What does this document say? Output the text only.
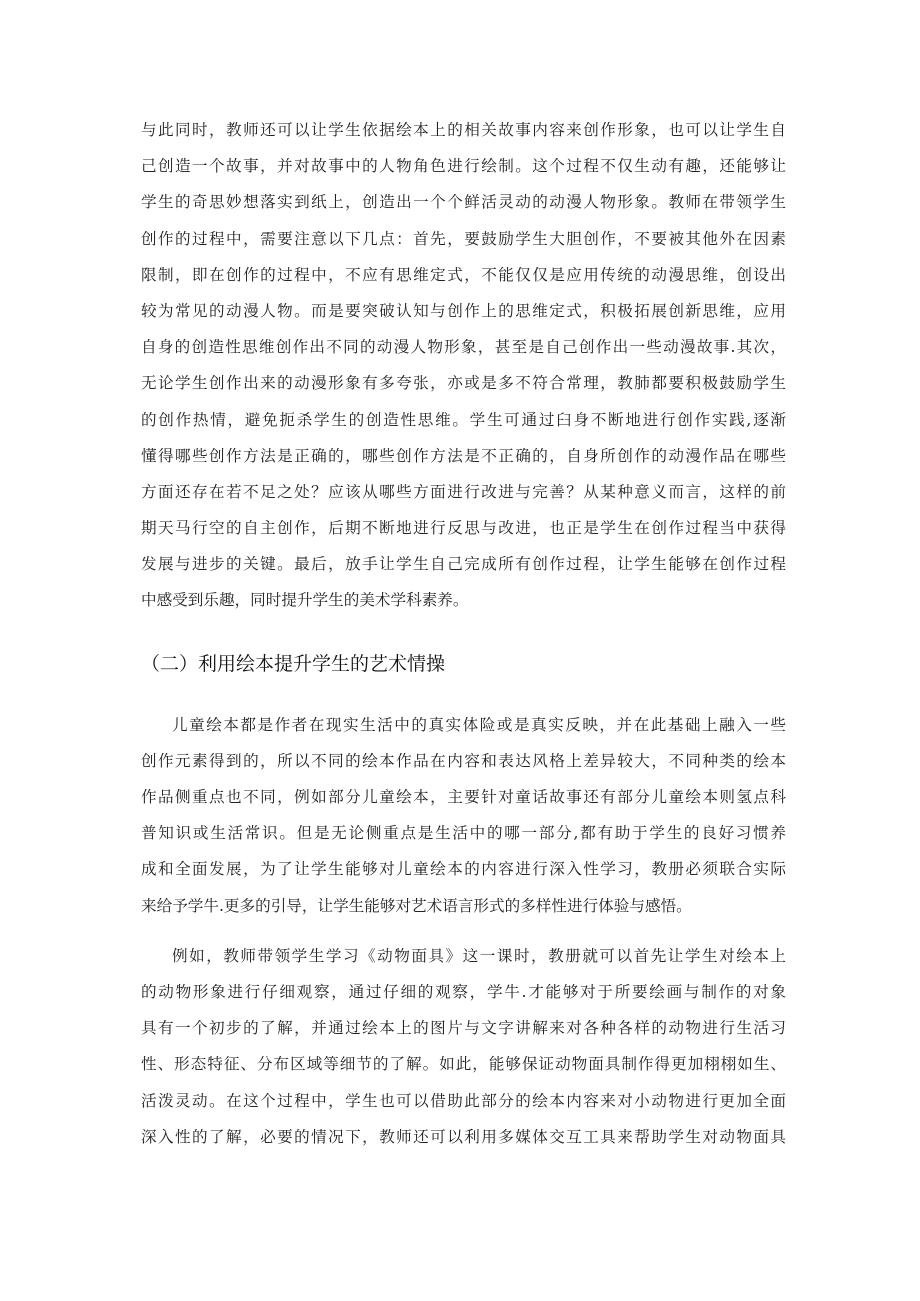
与此同时，教师还可以让学生依据绘本上的相关故事内容来创作形象，也可以让学生自
己创造一个故事，并对故事中的人物角色进行绘制。这个过程不仅生动有趣，还能够让
学生的奇思妙想落实到纸上，创造出一个个鲜活灵动的动漫人物形象。教师在带领学生
创作的过程中，需要注意以下几点：首先，要鼓励学生大胆创作，不要被其他外在因素
限制，即在创作的过程中，不应有思维定式，不能仅仅是应用传统的动漫思维，创设出
较为常见的动漫人物。而是要突破认知与创作上的思维定式，积极拓展创新思维，应用
自身的创造性思维创作出不同的动漫人物形象，甚至是自己创作出一些动漫故事.其次，
无论学生创作出来的动漫形象有多夸张，亦或是多不符合常理，教肺都要积极鼓励学生
的创作热情，避免扼杀学生的创造性思维。学生可通过臼身不断地进行创作实践,逐渐
懂得哪些创作方法是正确的，哪些创作方法是不正确的，自身所创作的动漫作品在哪些
方面还存在若不足之处？应该从哪些方面进行改进与完善？从某种意义而言，这样的前
期天马行空的自主创作，后期不断地进行反思与改进，也正是学生在创作过程当中获得
发展与进步的关键。最后，放手让学生自己完成所有创作过程，让学生能够在创作过程
中感受到乐趣，同时提升学生的美术学科素养。
（二）利用绘本提升学生的艺术情操
儿童绘本都是作者在现实生活中的真实体险或是真实反映，并在此基础上融入一些
创作元素得到的，所以不同的绘本作品在内容和表达风格上差异较大，不同种类的绘本
作品侧重点也不同，例如部分儿童绘本，主要针对童话故事还有部分儿童绘本则氢点科
普知识或生活常识。但是无论侧重点是生活中的哪一部分,都有助于学生的良好习惯养
成和全面发展，为了让学生能够对儿童绘本的内容进行深入性学习，教册必须联合实际
来给予学牛.更多的引导，让学生能够对艺术语言形式的多样性进行体验与感悟。
例如，教师带领学生学习《动物面具》这一课时，教册就可以首先让学生对绘本上
的动物形象进行仔细观察，通过仔细的观察，学牛.才能够对于所要绘画与制作的对象
具有一个初步的了解，并通过绘本上的图片与文字讲解来对各种各样的动物进行生活习
性、形态特征、分布区域等细节的了解。如此，能够保证动物面具制作得更加栩栩如生、
活泼灵动。在这个过程中，学生也可以借助此部分的绘本内容来对小动物进行更加全面
深入性的了解，必要的情况下，教师还可以利用多媒体交互工具来帮助学生对动物面具
